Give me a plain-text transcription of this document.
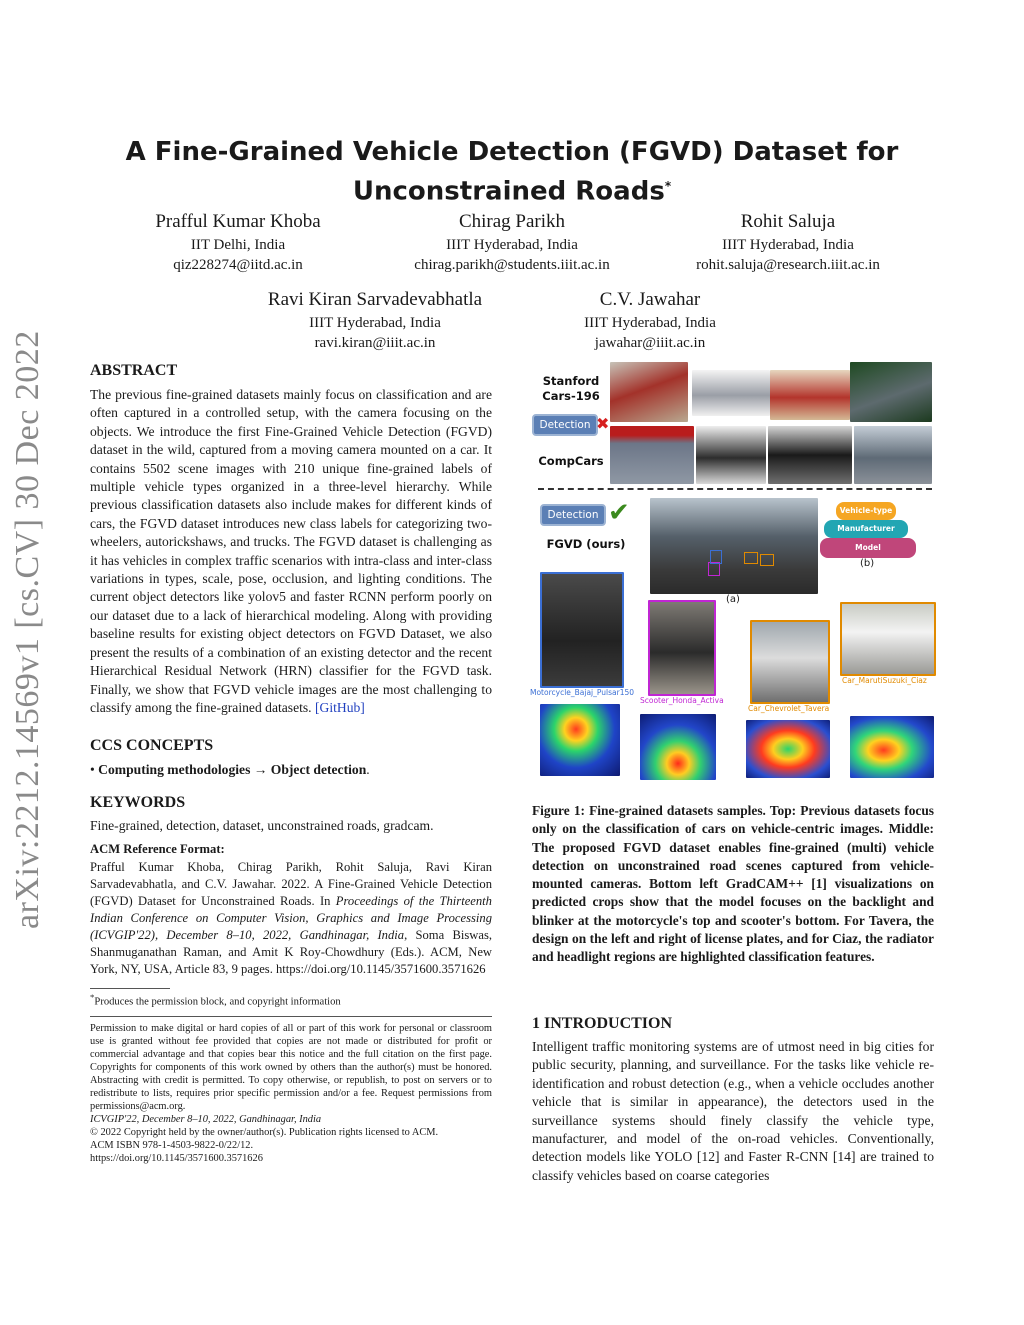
A Fine-Grained Vehicle Detection (FGVD) Dataset for
Unconstrained Roads*
Prafful Kumar Khoba
IIT Delhi, India
qiz228274@iitd.ac.in
Chirag Parikh
IIIT Hyderabad, India
chirag.parikh@students.iiit.ac.in
Rohit Saluja
IIIT Hyderabad, India
rohit.saluja@research.iiit.ac.in
Ravi Kiran Sarvadevabhatla
IIIT Hyderabad, India
ravi.kiran@iiit.ac.in
C.V. Jawahar
IIIT Hyderabad, India
jawahar@iiit.ac.in
arXiv:2212.14569v1 [cs.CV] 30 Dec 2022	ABSTRACT
The previous fine-grained datasets mainly focus on classification and are often captured in a controlled setup, with the camera focusing on the objects. We introduce the first Fine-Grained Vehicle Detection (FGVD) dataset in the wild, captured from a moving camera mounted on a car. It contains 5502 scene images with 210 unique fine-grained labels of multiple vehicle types organized in a three-level hierarchy. While previous classification datasets also include makes for different kinds of cars, the FGVD dataset introduces new class labels for categorizing two-wheelers, autorickshaws, and trucks. The FGVD dataset is challenging as it has vehicles in complex traffic scenarios with intra-class and inter-class variations in types, scale, pose, occlusion, and lighting conditions. The current object detectors like yolov5 and faster RCNN perform poorly on our dataset due to a lack of hierarchical modeling. Along with providing baseline results for existing object detectors on FGVD Dataset, we also present the results of a combination of an existing detector and the recent Hierarchical Residual Network (HRN) classifier for the FGVD task. Finally, we show that FGVD vehicle images are the most challenging to classify among the fine-grained datasets. [GitHub]
CCS CONCEPTS
• Computing methodologies → Object detection.
KEYWORDS
Fine-grained, detection, dataset, unconstrained roads, gradcam.
ACM Reference Format:
Prafful Kumar Khoba, Chirag Parikh, Rohit Saluja, Ravi Kiran Sarvadevabhatla, and C.V. Jawahar. 2022. A Fine-Grained Vehicle Detection (FGVD) Dataset for Unconstrained Roads. In Proceedings of the Thirteenth Indian Conference on Computer Vision, Graphics and Image Processing (ICVGIP'22), December 8–10, 2022, Gandhinagar, India, Soma Biswas, Shanmuganathan Raman, and Amit K Roy-Chowdhury (Eds.). ACM, New York, NY, USA, Article 83, 9 pages. https://doi.org/10.1145/3571600.3571626
*Produces the permission block, and copyright information
Permission to make digital or hard copies of all or part of this work for personal or classroom use is granted without fee provided that copies are not made or distributed for profit or commercial advantage and that copies bear this notice and the full citation on the first page. Copyrights for components of this work owned by others than the author(s) must be honored. Abstracting with credit is permitted. To copy otherwise, or republish, to post on servers or to redistribute to lists, requires prior specific permission and/or a fee. Request permissions from permissions@acm.org.
ICVGIP'22, December 8–10, 2022, Gandhinagar, India
© 2022 Copyright held by the owner/author(s). Publication rights licensed to ACM.
ACM ISBN 978-1-4503-9822-0/22/12.
https://doi.org/10.1145/3571600.3571626
Stanford Cars-196
Detection ✖
CompCars
Detection ✔
FGVD (ours)
(a)
Vehicle-type
Manufacturer
Model
(b)
Motorcycle_Bajaj_Pulsar150
Scooter_Honda_Activa
Car_Chevrolet_Tavera
Car_MarutiSuzuki_Ciaz
Figure 1: Fine-grained datasets samples. Top: Previous datasets focus only on the classification of cars on vehicle-centric images. Middle: The proposed FGVD dataset enables fine-grained (multi) vehicle detection on unconstrained road scenes captured from vehicle-mounted cameras. Bottom left GradCAM++ [1] visualizations on predicted crops show that the model focuses on the backlight and blinker at the motorcycle's top and scooter's bottom. For Tavera, the design on the left and right of license plates, and for Ciaz, the radiator and headlight regions are highlighted classification features.
1 INTRODUCTION
Intelligent traffic monitoring systems are of utmost need in big cities for public security, planning, and surveillance. For the tasks like vehicle re-identification and robust detection (e.g., when a vehicle occludes another vehicle that is similar in appearance), the detectors used in the surveillance systems should finely classify the vehicle type, manufacturer, and model of the on-road vehicles. Conventionally, detection models like YOLO [12] and Faster R-CNN [14] are trained to classify vehicles based on coarse categories
